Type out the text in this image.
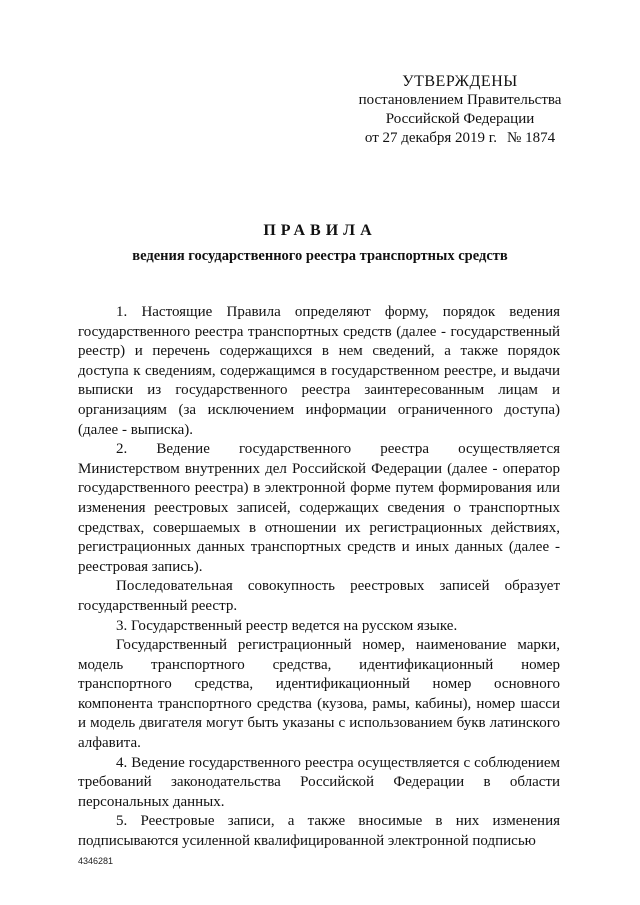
УТВЕРЖДЕНЫ
постановлением Правительства
Российской Федерации
от 27 декабря 2019 г. № 1874
ПРАВИЛА
ведения государственного реестра транспортных средств

1. Настоящие Правила определяют форму, порядок ведения государственного реестра транспортных средств (далее - государственный реестр) и перечень содержащихся в нем сведений, а также порядок доступа к сведениям, содержащимся в государственном реестре, и выдачи выписки из государственного реестра заинтересованным лицам и организациям (за исключением информации ограниченного доступа) (далее - выписка).

2. Ведение государственного реестра осуществляется Министерством внутренних дел Российской Федерации (далее - оператор государственного реестра) в электронной форме путем формирования или изменения реестровых записей, содержащих сведения о транспортных средствах, совершаемых в отношении их регистрационных действиях, регистрационных данных транспортных средств и иных данных (далее - реестровая запись).

Последовательная совокупность реестровых записей образует государственный реестр.

3. Государственный реестр ведется на русском языке.

Государственный регистрационный номер, наименование марки, модель транспортного средства, идентификационный номер транспортного средства, идентификационный номер основного компонента транспортного средства (кузова, рамы, кабины), номер шасси и модель двигателя могут быть указаны с использованием букв латинского алфавита.

4. Ведение государственного реестра осуществляется с соблюдением требований законодательства Российской Федерации в области персональных данных.

5. Реестровые записи, а также вносимые в них изменения подписываются усиленной квалифицированной электронной подписью

4346281
